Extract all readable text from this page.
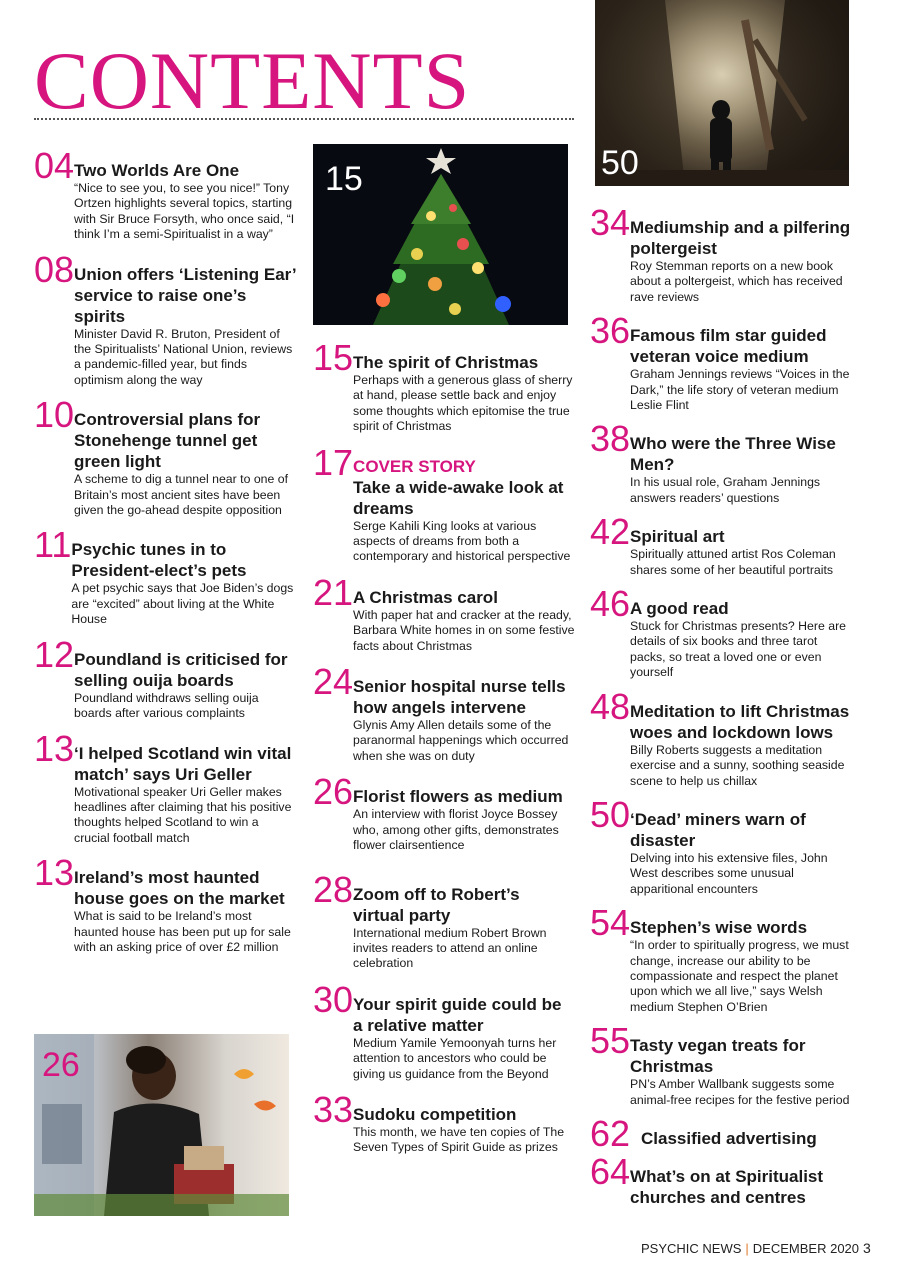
CONTENTS
50
15
26
04 Two Worlds Are One
“Nice to see you, to see you nice!” Tony Ortzen highlights several topics, starting with Sir Bruce Forsyth, who once said, “I think I’m a semi-Spiritualist in a way”
08 Union offers ‘Listening Ear’ service to raise one’s spirits
Minister David R. Bruton, President of the Spiritualists’ National Union, reviews a pandemic-filled year, but finds optimism along the way
10 Controversial plans for Stonehenge tunnel get green light
A scheme to dig a tunnel near to one of Britain’s most ancient sites have been given the go-ahead despite opposition
11 Psychic tunes in to President-elect’s pets
A pet psychic says that Joe Biden’s dogs are “excited” about living at the White House
12 Poundland is criticised for selling ouija boards
Poundland withdraws selling ouija boards after various complaints
13 ‘I helped Scotland win vital match’ says Uri Geller
Motivational speaker Uri Geller makes headlines after claiming that his positive thoughts helped Scotland to win a crucial football match
13 Ireland’s most haunted house goes on the market
What is said to be Ireland’s most haunted house has been put up for sale with an asking price of over £2 million
15 The spirit of Christmas
Perhaps with a generous glass of sherry at hand, please settle back and enjoy some thoughts which epitomise the true spirit of Christmas
17 COVER STORY
Take a wide-awake look at dreams
Serge Kahili King looks at various aspects of dreams from both a contemporary and historical perspective
21 A Christmas carol
With paper hat and cracker at the ready, Barbara White homes in on some festive facts about Christmas
24 Senior hospital nurse tells how angels intervene
Glynis Amy Allen details some of the paranormal happenings which occurred when she was on duty
26 Florist flowers as medium
An interview with florist Joyce Bossey who, among other gifts, demonstrates flower clairsentience
28 Zoom off to Robert’s virtual party
International medium Robert Brown invites readers to attend an online celebration
30 Your spirit guide could be a relative matter
Medium Yamile Yemoonyah turns her attention to ancestors who could be giving us guidance from the Beyond
33 Sudoku competition
This month, we have ten copies of The Seven Types of Spirit Guide as prizes
34 Mediumship and a pilfering poltergeist
Roy Stemman reports on a new book about a poltergeist, which has received rave reviews
36 Famous film star guided veteran voice medium
Graham Jennings reviews “Voices in the Dark,” the life story of veteran medium Leslie Flint
38 Who were the Three Wise Men?
In his usual role, Graham Jennings answers readers’ questions
42 Spiritual art
Spiritually attuned artist Ros Coleman shares some of her beautiful portraits
46 A good read
Stuck for Christmas presents? Here are details of six books and three tarot packs, so treat a loved one or even yourself
48 Meditation to lift Christmas woes and lockdown lows
Billy Roberts suggests a meditation exercise and a sunny, soothing seaside scene to help us chillax
50 ‘Dead’ miners warn of disaster
Delving into his extensive files, John West describes some unusual apparitional encounters
54 Stephen’s wise words
“In order to spiritually progress, we must change, increase our ability to be compassionate and respect the planet upon which we all live,” says Welsh medium Stephen O’Brien
55 Tasty vegan treats for Christmas
PN’s Amber Wallbank suggests some animal-free recipes for the festive period
62 Classified advertising
64 What’s on at Spiritualist churches and centres
PSYCHIC NEWS | DECEMBER 2020 3
